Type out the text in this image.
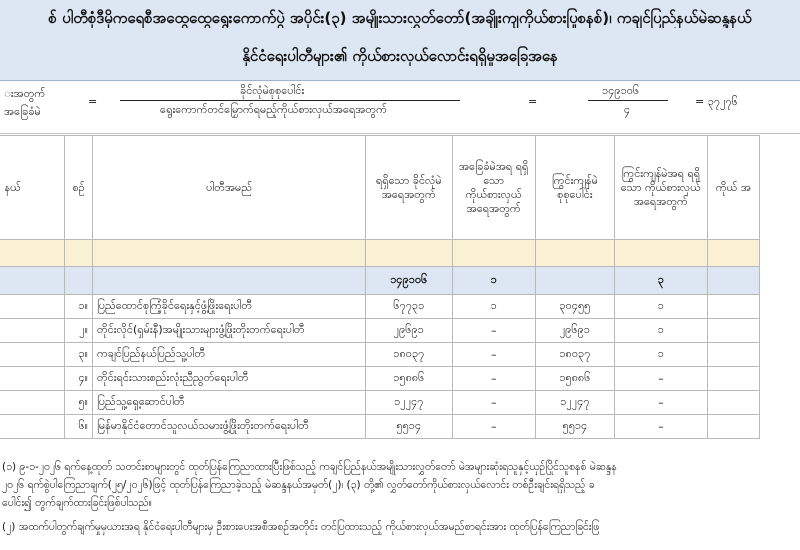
စ် ပါတီစုံဒီမိုကရေစီအထွေထွေရွေးကောက်ပွဲ အပိုင်း(၃) အမျိုးသားလွှတ်တော်(အချိုးကျကိုယ်စားပြုစနစ်)၊ ကချင်ပြည်နယ်မဲဆန္ဒနယ်
နိုင်ငံရေးပါတီများ၏ ကိုယ်စားလှယ်လောင်းရရှိမှုအခြေအနေ
းအတွက်
အခြေခံမဲ
=
ခိုင်လုံမဲစုစုပေါင်း
ရွေးကောက်တင်မြှောက်ရမည့်ကိုယ်စားလှယ်အရေအတွက်
=
၁၄၉၁၀၆
၄
= ၃၇၂၇၆
နယ်	စဉ်	ပါတီအမည်	ရရှိသော ခိုင်လုံမဲ အရေအတွက်	အခြေခံမဲအရ ရရှိသော ကိုယ်စားလှယ် အရေအတွက်	ကြွင်းကျန်မဲ စုစုပေါင်း	ကြွင်းကျန်မဲအရ ရရှိသော ကိုယ်စားလှယ် အရေအတွက်	ကိုယ် အ

			၁၄၉၁၀၆	၁		၃	
	၁။	ပြည်ထောင်စုကြံ့ခိုင်ရေးနှင့်ဖွံ့ဖြိုးရေးပါတီ	၆၇၇၃၁	၁	၃၀၄၅၅	၁	
	၂။	တိုင်းလိုင်(ရှမ်းနီ)အမျိုးသားများဖွံ့ဖြိုးတိုးတက်ရေးပါတီ	၂၉၆၉၁	–	၂၉၆၉၁	၁	
	၃။	ကချင်ပြည်နယ်ပြည်သူ့ပါတီ	၁၈၀၃၇	–	၁၈၀၃၇	၁	
	၄။	တိုင်းရင်းသားစည်းလုံးညီညွတ်ရေးပါတီ	၁၅၈၈၆	–	၁၅၈၈၆	–	
	၅။	ပြည်သူ့ရှေ့ဆောင်ပါတီ	၁၂၂၄၇	–	၁၂၂၄၇	–	
	၆။	မြန်မာနိုင်ငံတောင်သူလယ်သမားဖွံ့ဖြိုးတိုးတက်ရေးပါတီ	၅၅၁၄	–	၅၅၁၄	–	
(၁) ၉-၁-၂၀၂၆ ရက်နေ့ထုတ် သတင်းစာများတွင် ထုတ်ပြန်ကြေညာထားပြီးဖြစ်သည့် ကချင်ပြည်နယ်အမျိုးသားလွှတ်တော် မဲအများဆုံးရသူနှင့်ယှဉ်ပြိုင်သူစနစ် မဲဆန္ဒန
၂၀၂၆ ရက်စွဲပါကြေညာချက်(၂၅/၂၀၂၆)ဖြင့် ထုတ်ပြန်ကြေညာခဲ့သည့် မဲဆန္ဒနယ်အမှတ်(၂)၊ (၃) တို့၏ လွှတ်တော်ကိုယ်စားလှယ်လောင်း တစ်ဦးချင်းရရှိသည့် ခ
ပေါင်း၍ တွက်ချက်ထားခြင်းဖြစ်ပါသည်။
(၂) အထက်ပါတွက်ချက်မှုမှယားအရ နိုင်ငံရေးပါတီများမှ ဦးစားပေးအစီအစဉ်အတိုင်း တင်ပြထားသည့် ကိုယ်စားလှယ်အမည်စာရင်းအား ထုတ်ပြန်ကြေညာခြင်းဖြ
